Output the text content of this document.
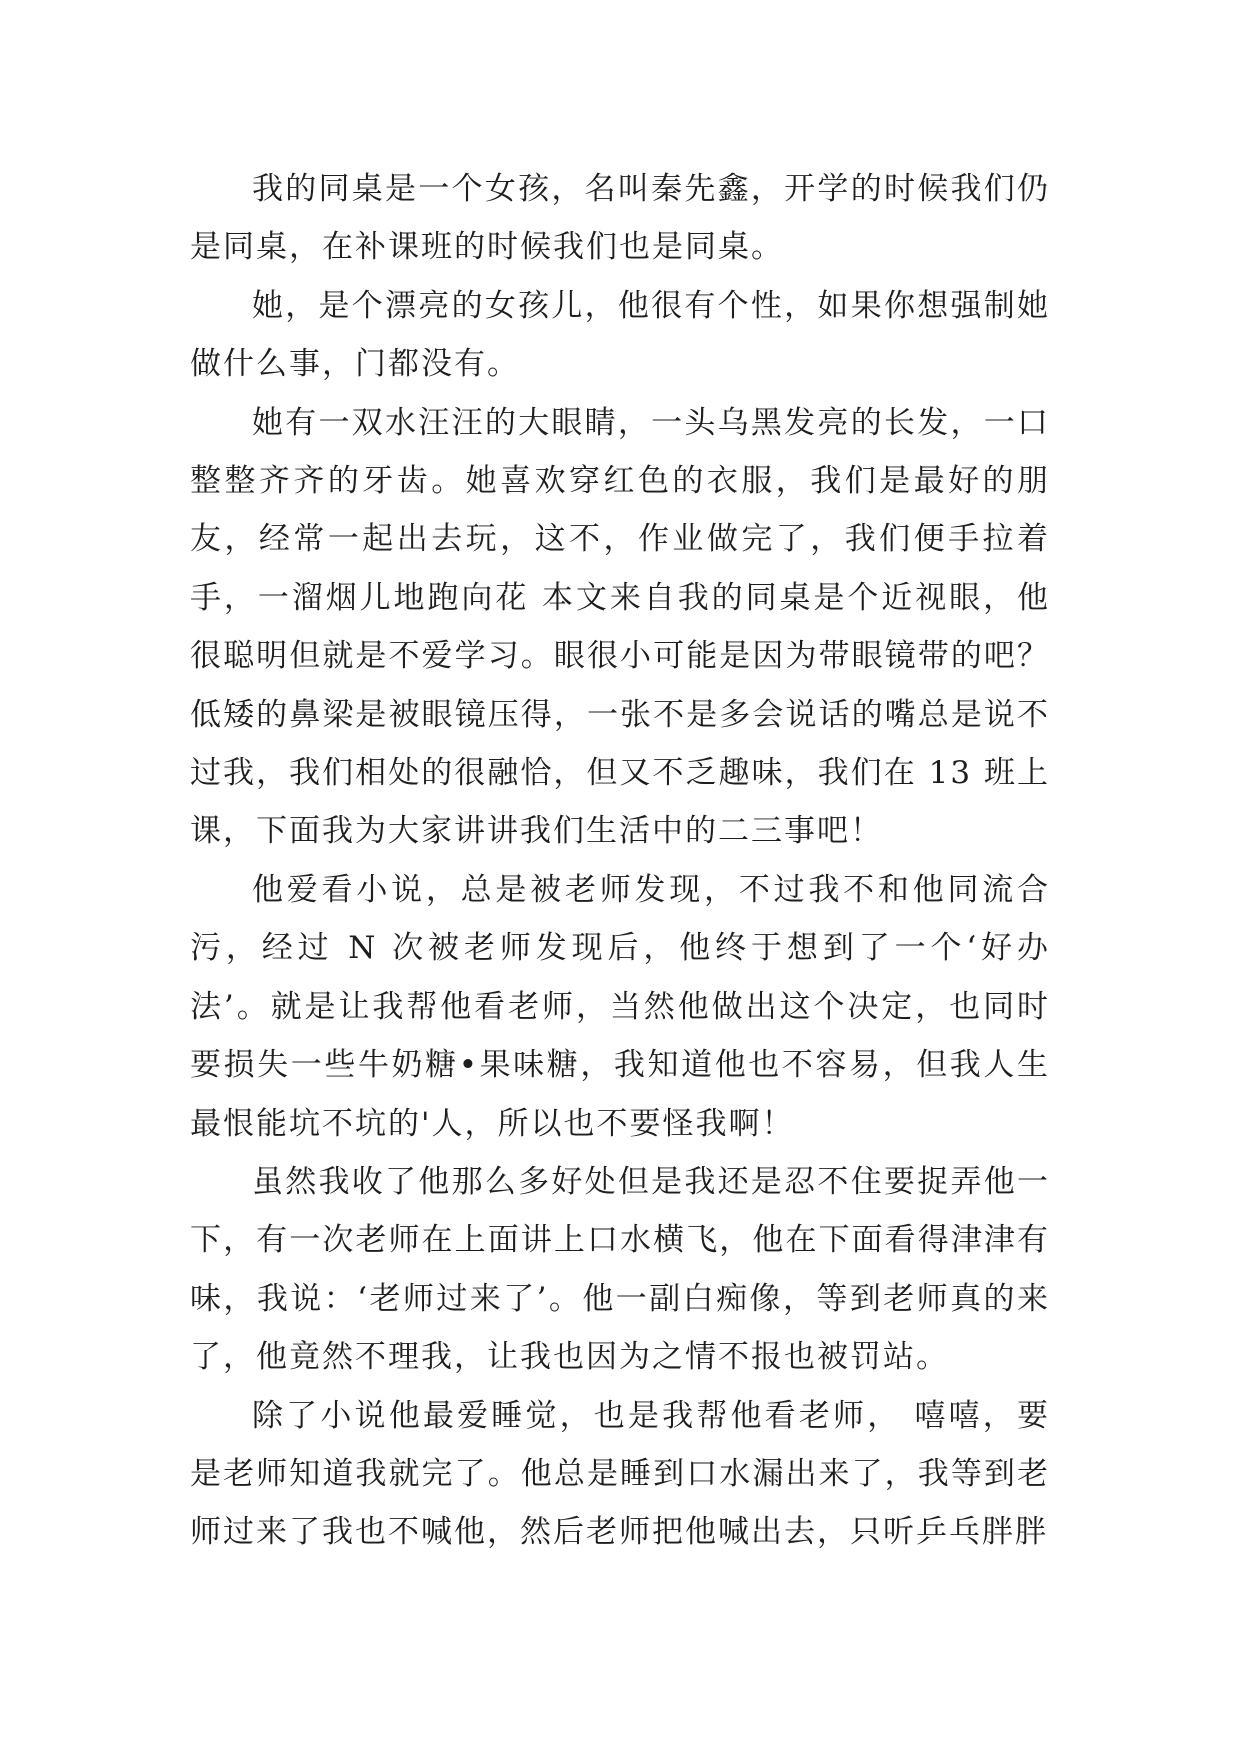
我的同桌是一个女孩，名叫秦先鑫，开学的时候我们仍是同桌，在补课班的时候我们也是同桌。

她，是个漂亮的女孩儿，他很有个性，如果你想强制她做什么事，门都没有。

她有一双水汪汪的大眼睛，一头乌黑发亮的长发，一口整整齐齐的牙齿。她喜欢穿红色的衣服，我们是最好的朋友，经常一起出去玩，这不，作业做完了，我们便手拉着手，一溜烟儿地跑向花 本文来自我的同桌是个近视眼，他很聪明但就是不爱学习。眼很小可能是因为带眼镜带的吧？低矮的鼻梁是被眼镜压得，一张不是多会说话的嘴总是说不过我，我们相处的很融恰，但又不乏趣味，我们在 13 班上课，下面我为大家讲讲我们生活中的二三事吧！

他爱看小说，总是被老师发现，不过我不和他同流合污，经过 N 次被老师发现后，他终于想到了一个‘好办法’。就是让我帮他看老师，当然他做出这个决定，也同时要损失一些牛奶糖•果味糖，我知道他也不容易，但我人生最恨能坑不坑的'人，所以也不要怪我啊！

虽然我收了他那么多好处但是我还是忍不住要捉弄他一下，有一次老师在上面讲上口水横飞，他在下面看得津津有味，我说：‘老师过来了’。他一副白痴像，等到老师真的来了，他竟然不理我，让我也因为之情不报也被罚站。

除了小说他最爱睡觉，也是我帮他看老师， 嘻嘻，要是老师知道我就完了。他总是睡到口水漏出来了，我等到老师过来了我也不喊他，然后老师把他喊出去，只听乒乓胖胖
